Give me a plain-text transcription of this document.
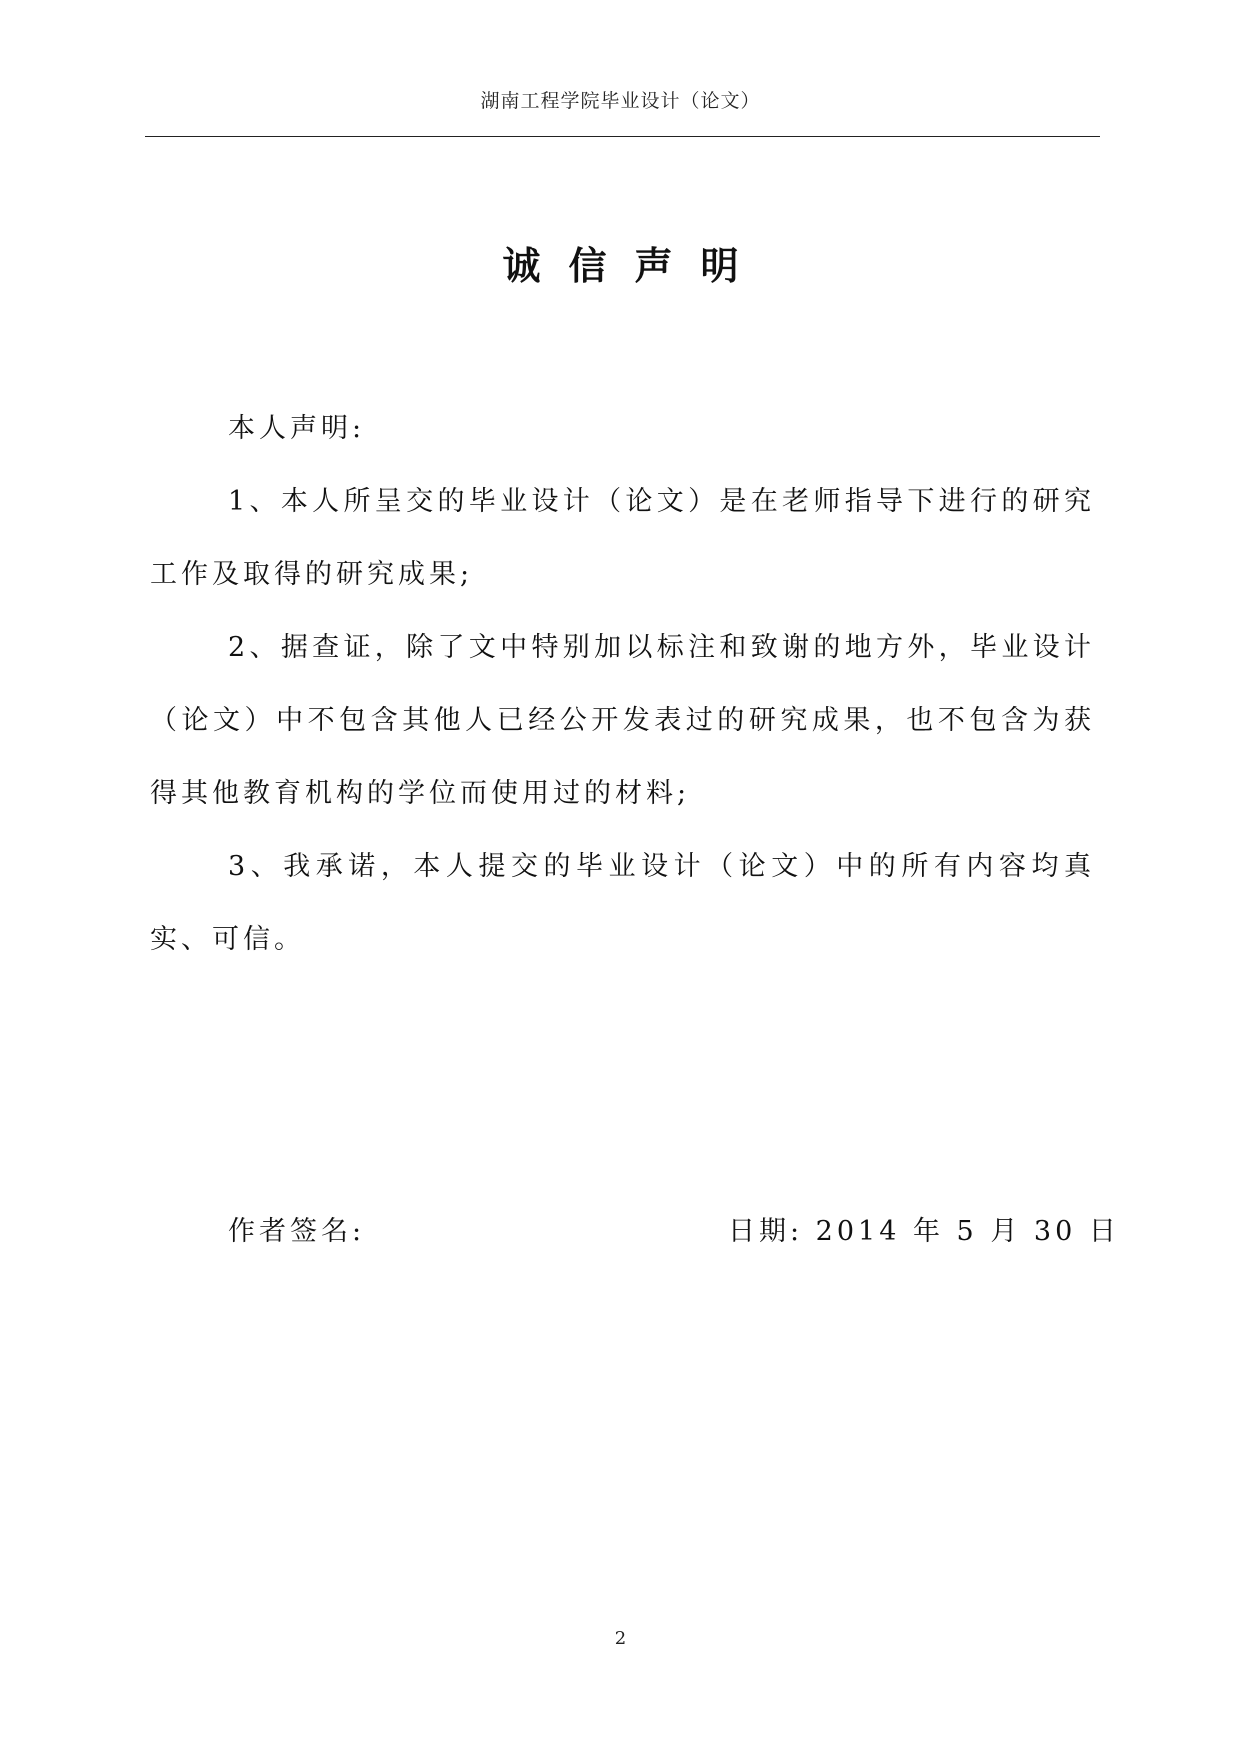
湖南工程学院毕业设计（论文）
诚信声明
本人声明:
1、本人所呈交的毕业设计（论文）是在老师指导下进行的研究工作及取得的研究成果;
2、据查证，除了文中特别加以标注和致谢的地方外，毕业设计（论文）中不包含其他人已经公开发表过的研究成果，也不包含为获得其他教育机构的学位而使用过的材料;
3、我承诺，本人提交的毕业设计（论文）中的所有内容均真实、可信。
作者签名:	日期: 2014 年 5 月 30 日
2
